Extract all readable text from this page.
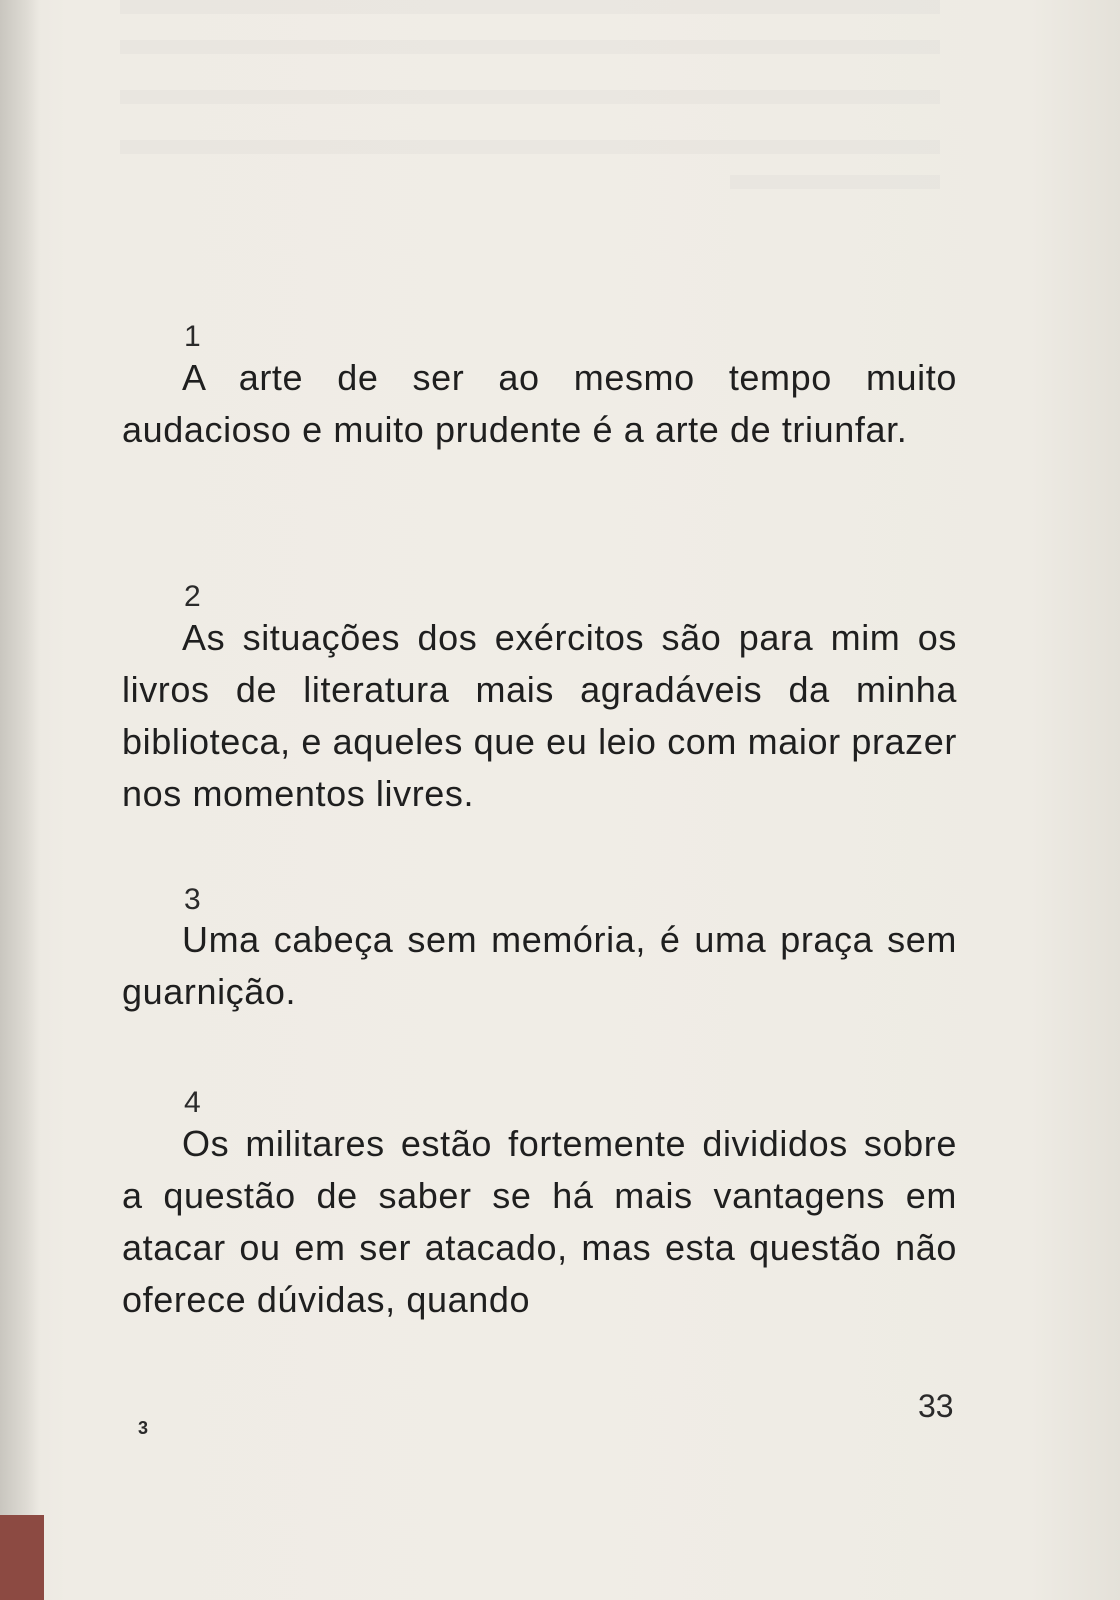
1

A arte de ser ao mesmo tempo muito audacioso e muito prudente é a arte de triunfar.

2

As situações dos exércitos são para mim os livros de literatura mais agradáveis da minha biblioteca, e aqueles que eu leio com maior prazer nos momentos livres.

3

Uma cabeça sem memória, é uma praça sem guarnição.

4

Os militares estão fortemente divididos sobre a questão de saber se há mais vantagens em atacar ou em ser atacado, mas esta questão não oferece dúvidas, quando

33
3
